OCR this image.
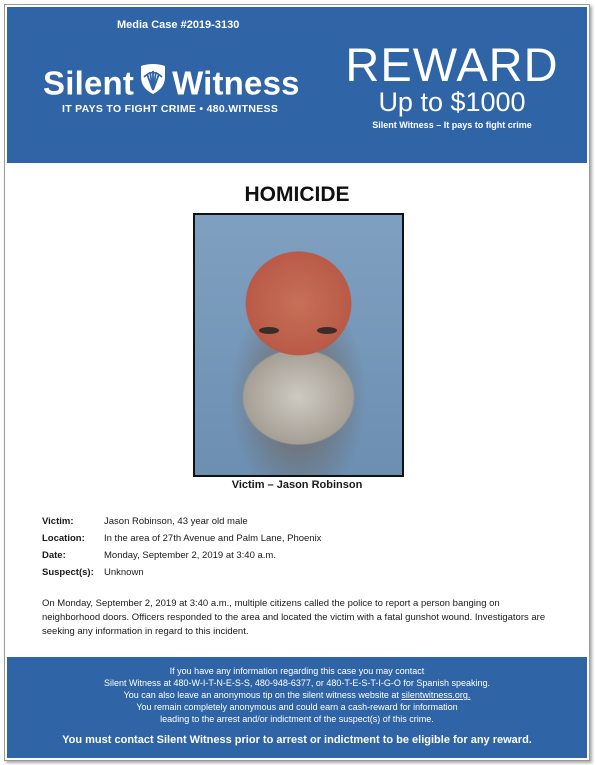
Media Case #2019-3130
Silent Witness
IT PAYS TO FIGHT CRIME • 480.WITNESS
REWARD
Up to $1000
Silent Witness – It pays to fight crime
HOMICIDE
Victim – Jason Robinson
Victim:	Jason Robinson, 43 year old male
Location: In the area of 27th Avenue and Palm Lane, Phoenix
Date:	Monday, September 2, 2019 at 3:40 a.m.
Suspect(s): Unknown
On Monday, September 2, 2019 at 3:40 a.m., multiple citizens called the police to report a person banging on neighborhood doors. Officers responded to the area and located the victim with a fatal gunshot wound. Investigators are seeking any information in regard to this incident.
If you have any information regarding this case you may contact
Silent Witness at 480-W-I-T-N-E-S-S, 480-948-6377, or 480-T-E-S-T-I-G-O for Spanish speaking.
You can also leave an anonymous tip on the silent witness website at silentwitness.org.
You remain completely anonymous and could earn a cash-reward for information
leading to the arrest and/or indictment of the suspect(s) of this crime.
You must contact Silent Witness prior to arrest or indictment to be eligible for any reward.
